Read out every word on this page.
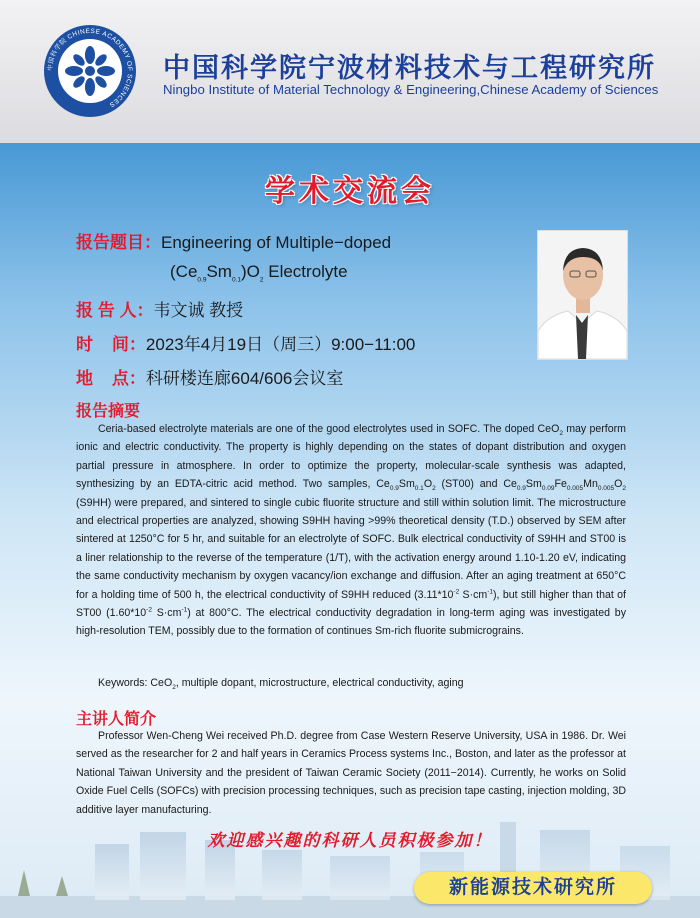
中国科学院 CHINESE ACADEMY OF SCIENCES
中国科学院宁波材料技术与工程研究所
Ningbo Institute of Material Technology & Engineering,Chinese Academy of Sciences
学术交流会
报告题目：Engineering of Multiple−doped
$(Ce_{0.9}Sm_{0.1})O_2$ Electrolyte
报 告 人：韦文诚 教授
时    间：2023年4月19日（周三）9:00−11:00
地    点：科研楼连廊604/606会议室
报告摘要
Ceria-based electrolyte materials are one of the good electrolytes used in SOFC. The doped CeO$_2$ may perform ionic and electric conductivity. The property is highly depending on the states of dopant distribution and oxygen partial pressure in atmosphere. In order to optimize the property, molecular-scale synthesis was adapted, synthesizing by an EDTA-citric acid method. Two samples, $Ce_{0.9}Sm_{0.1}O_2$ (ST00) and $Ce_{0.9}Sm_{0.09}Fe_{0.005}Mn_{0.005}O_2$ (S9HH) were prepared, and sintered to single cubic fluorite structure and still within solution limit. The microstructure and electrical properties are analyzed, showing S9HH having >99% theoretical density (T.D.) observed by SEM after sintered at 1250°C for 5 hr, and suitable for an electrolyte of SOFC. Bulk electrical conductivity of S9HH and ST00 is a liner relationship to the reverse of the temperature (1/T), with the activation energy around 1.10-1.20 eV, indicating the same conductivity mechanism by oxygen vacancy/ion exchange and diffusion. After an aging treatment at 650°C for a holding time of 500 h, the electrical conductivity of S9HH reduced ($3.11*10^{-2}$ $S\cdot cm^{-1}$), but still higher than that of ST00 ($1.60*10^{-2}$ $S\cdot cm^{-1}$) at 800°C. The electrical conductivity degradation in long-term aging was investigated by high-resolution TEM, possibly due to the formation of continues Sm-rich fluorite submicrograins.
Keywords: CeO$_2$, multiple dopant, microstructure, electrical conductivity, aging
主讲人简介
Professor Wen-Cheng Wei received Ph.D. degree from Case Western Reserve University, USA in 1986. Dr. Wei served as the researcher for 2 and half years in Ceramics Process systems Inc., Boston, and later as the professor at National Taiwan University and the president of Taiwan Ceramic Society (2011−2014). Currently, he works on Solid Oxide Fuel Cells (SOFCs) with precision processing techniques, such as precision tape casting, injection molding, 3D additive layer manufacturing.
欢迎感兴趣的科研人员积极参加！
新能源技术研究所
